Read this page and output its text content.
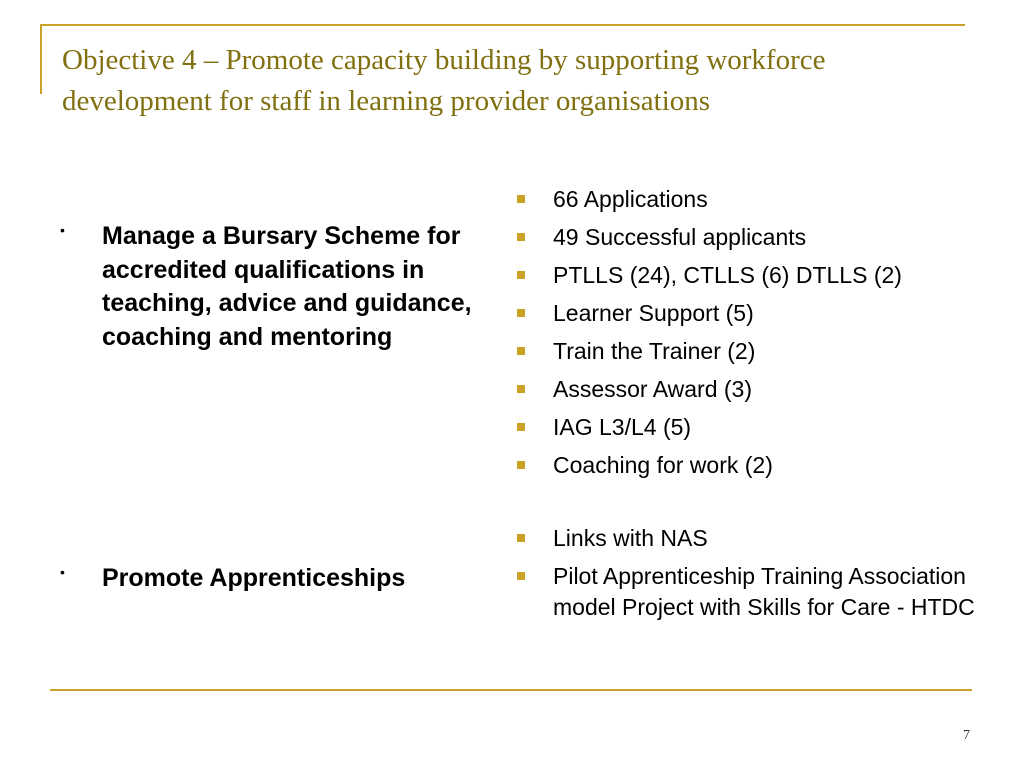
Objective 4 – Promote capacity building by supporting workforce development for staff in learning provider organisations
• Manage a Bursary Scheme for accredited qualifications in teaching, advice and guidance, coaching and mentoring
• Promote Apprenticeships
66 Applications
49 Successful applicants
PTLLS (24), CTLLS (6) DTLLS (2)
Learner Support (5)
Train the Trainer (2)
Assessor Award (3)
IAG L3/L4 (5)
Coaching for work (2)
Links with NAS
Pilot Apprenticeship Training Association model Project with Skills for Care - HTDC
7
